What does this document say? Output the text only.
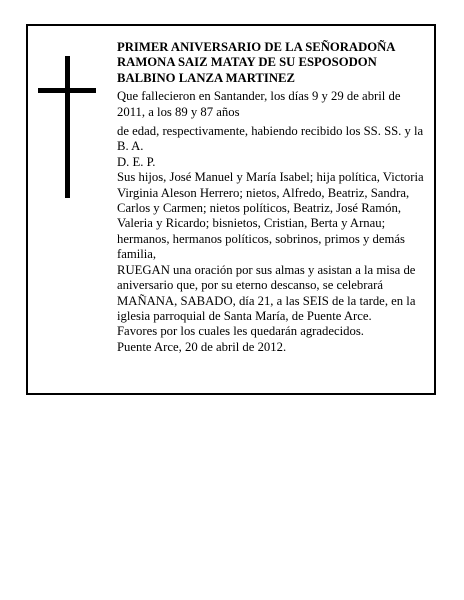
PRIMER ANIVERSARIO DE LA SEÑORADOÑA
RAMONA SAIZ MATAY DE SU ESPOSODON
BALBINO LANZA MARTINEZ

Que fallecieron en Santander, los días 9 y 29 de abril de 2011, a los 89 y 87 años

de edad, respectivamente, habiendo recibido los SS. SS. y la B. A.

D. E. P.

Sus hijos, José Manuel y María Isabel; hija política, Victoria Virginia Aleson Herrero; nietos, Alfredo, Beatriz, Sandra, Carlos y Carmen; nietos políticos, Beatriz, José Ramón, Valeria y Ricardo; bisnietos, Cristian, Berta y Arnau; hermanos, hermanos políticos, sobrinos, primos y demás familia,

RUEGAN una oración por sus almas y asistan a la misa de aniversario que, por su eterno descanso, se celebrará MAÑANA, SABADO, día 21, a las SEIS de la tarde, en la iglesia parroquial de Santa María, de Puente Arce.

Favores por los cuales les quedarán agradecidos.

Puente Arce, 20 de abril de 2012.
